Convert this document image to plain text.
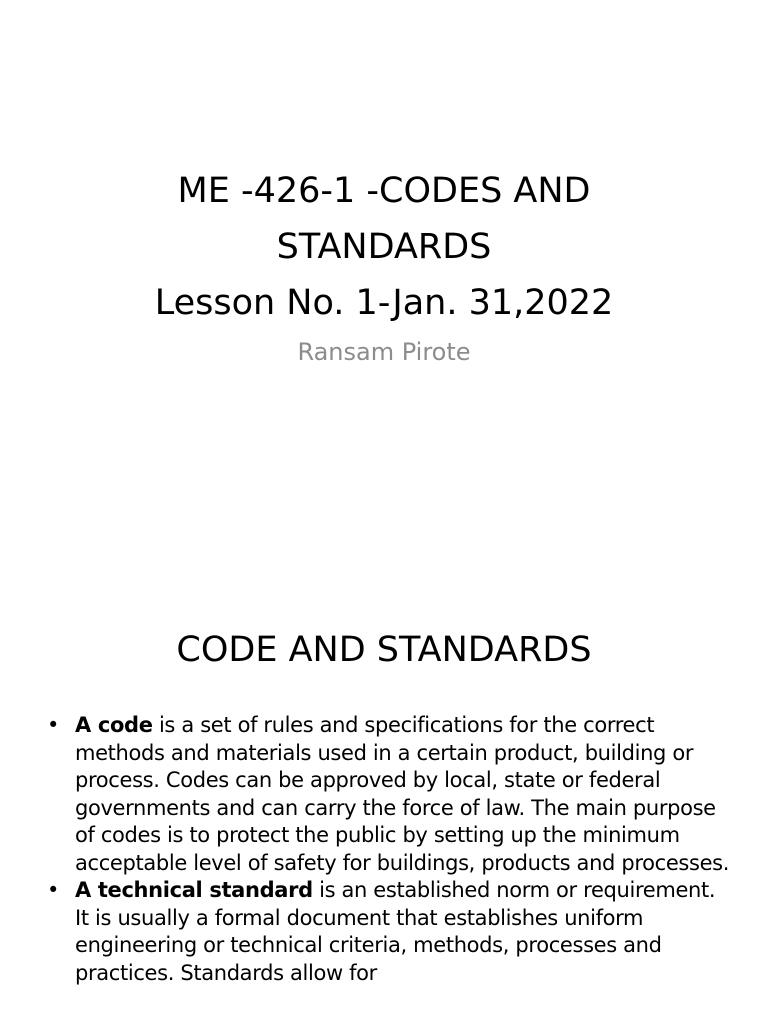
ME -426-1 -CODES AND
STANDARDS
Lesson No. 1-Jan. 31,2022
Ransam Pirote
CODE AND STANDARDS
• A code is a set of rules and specifications for the correct methods and materials used in a certain product, building or process. Codes can be approved by local, state or federal governments and can carry the force of law. The main purpose of codes is to protect the public by setting up the minimum acceptable level of safety for buildings, products and processes.
• A technical standard is an established norm or requirement. It is usually a formal document that establishes uniform engineering or technical criteria, methods, processes and practices. Standards allow for
